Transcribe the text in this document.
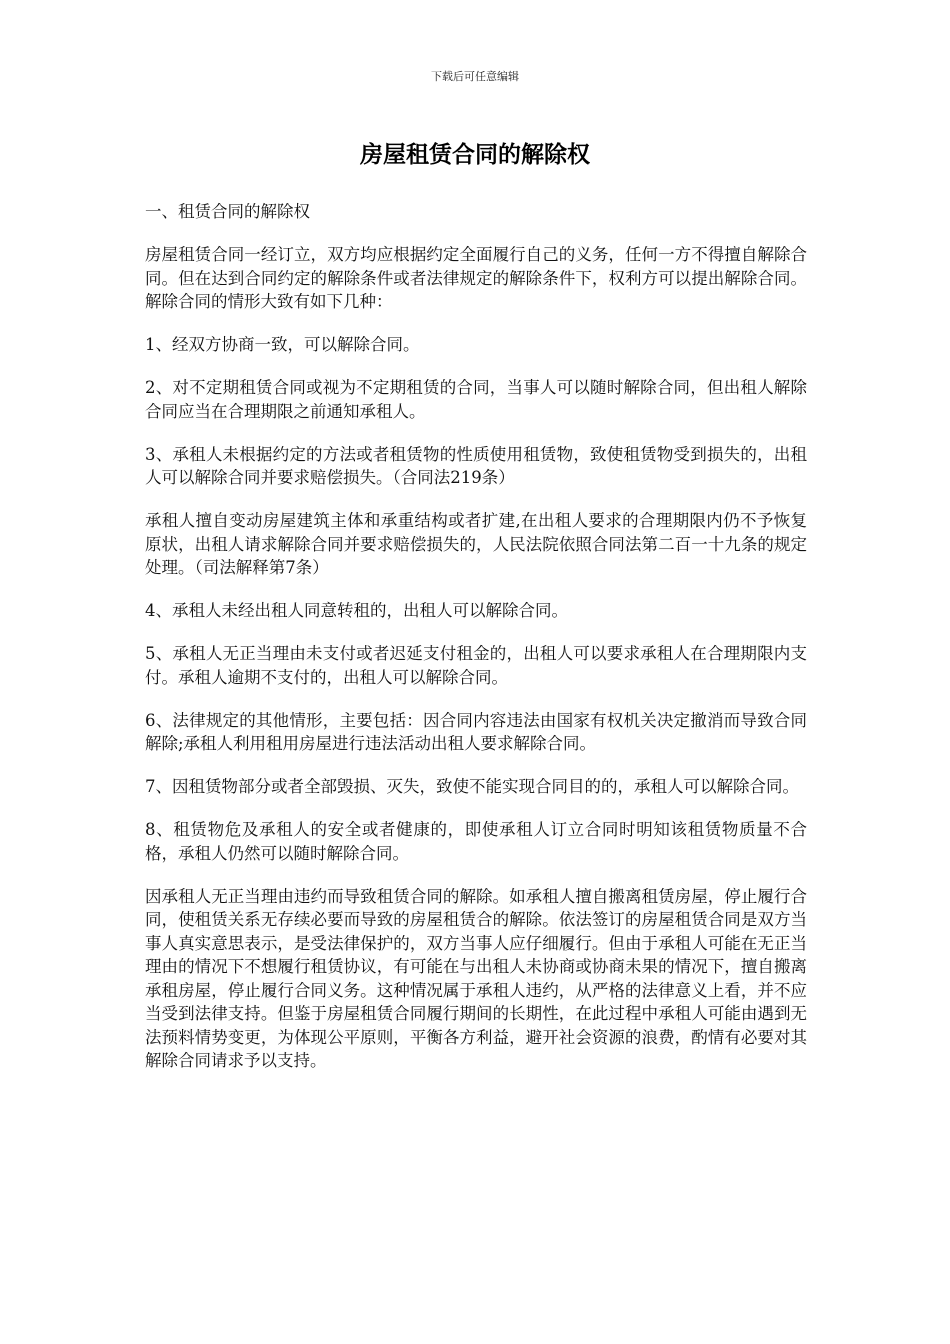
下载后可任意编辑
房屋租赁合同的解除权

一、租赁合同的解除权

房屋租赁合同一经订立，双方均应根据约定全面履行自己的义务，任何一方不得擅自解除合同。但在达到合同约定的解除条件或者法律规定的解除条件下，权利方可以提出解除合同。解除合同的情形大致有如下几种：

1、经双方协商一致，可以解除合同。

2、对不定期租赁合同或视为不定期租赁的合同，当事人可以随时解除合同，但出租人解除合同应当在合理期限之前通知承租人。

3、承租人未根据约定的方法或者租赁物的性质使用租赁物，致使租赁物受到损失的，出租人可以解除合同并要求赔偿损失。（合同法219条）

承租人擅自变动房屋建筑主体和承重结构或者扩建,在出租人要求的合理期限内仍不予恢复原状，出租人请求解除合同并要求赔偿损失的，人民法院依照合同法第二百一十九条的规定处理。（司法解释第7条）

4、承租人未经出租人同意转租的，出租人可以解除合同。

5、承租人无正当理由未支付或者迟延支付租金的，出租人可以要求承租人在合理期限内支付。承租人逾期不支付的，出租人可以解除合同。

6、法律规定的其他情形，主要包括：因合同内容违法由国家有权机关决定撤消而导致合同解除;承租人利用租用房屋进行违法活动出租人要求解除合同。

7、因租赁物部分或者全部毁损、灭失，致使不能实现合同目的的，承租人可以解除合同。

8、租赁物危及承租人的安全或者健康的，即使承租人订立合同时明知该租赁物质量不合格，承租人仍然可以随时解除合同。

因承租人无正当理由违约而导致租赁合同的解除。如承租人擅自搬离租赁房屋，停止履行合同，使租赁关系无存续必要而导致的房屋租赁合的解除。依法签订的房屋租赁合同是双方当事人真实意思表示，是受法律保护的，双方当事人应仔细履行。但由于承租人可能在无正当理由的情况下不想履行租赁协议，有可能在与出租人未协商或协商未果的情况下，擅自搬离承租房屋，停止履行合同义务。这种情况属于承租人违约，从严格的法律意义上看，并不应当受到法律支持。但鉴于房屋租赁合同履行期间的长期性，在此过程中承租人可能由遇到无法预料情势变更，为体现公平原则，平衡各方利益，避开社会资源的浪费，酌情有必要对其解除合同请求予以支持。
